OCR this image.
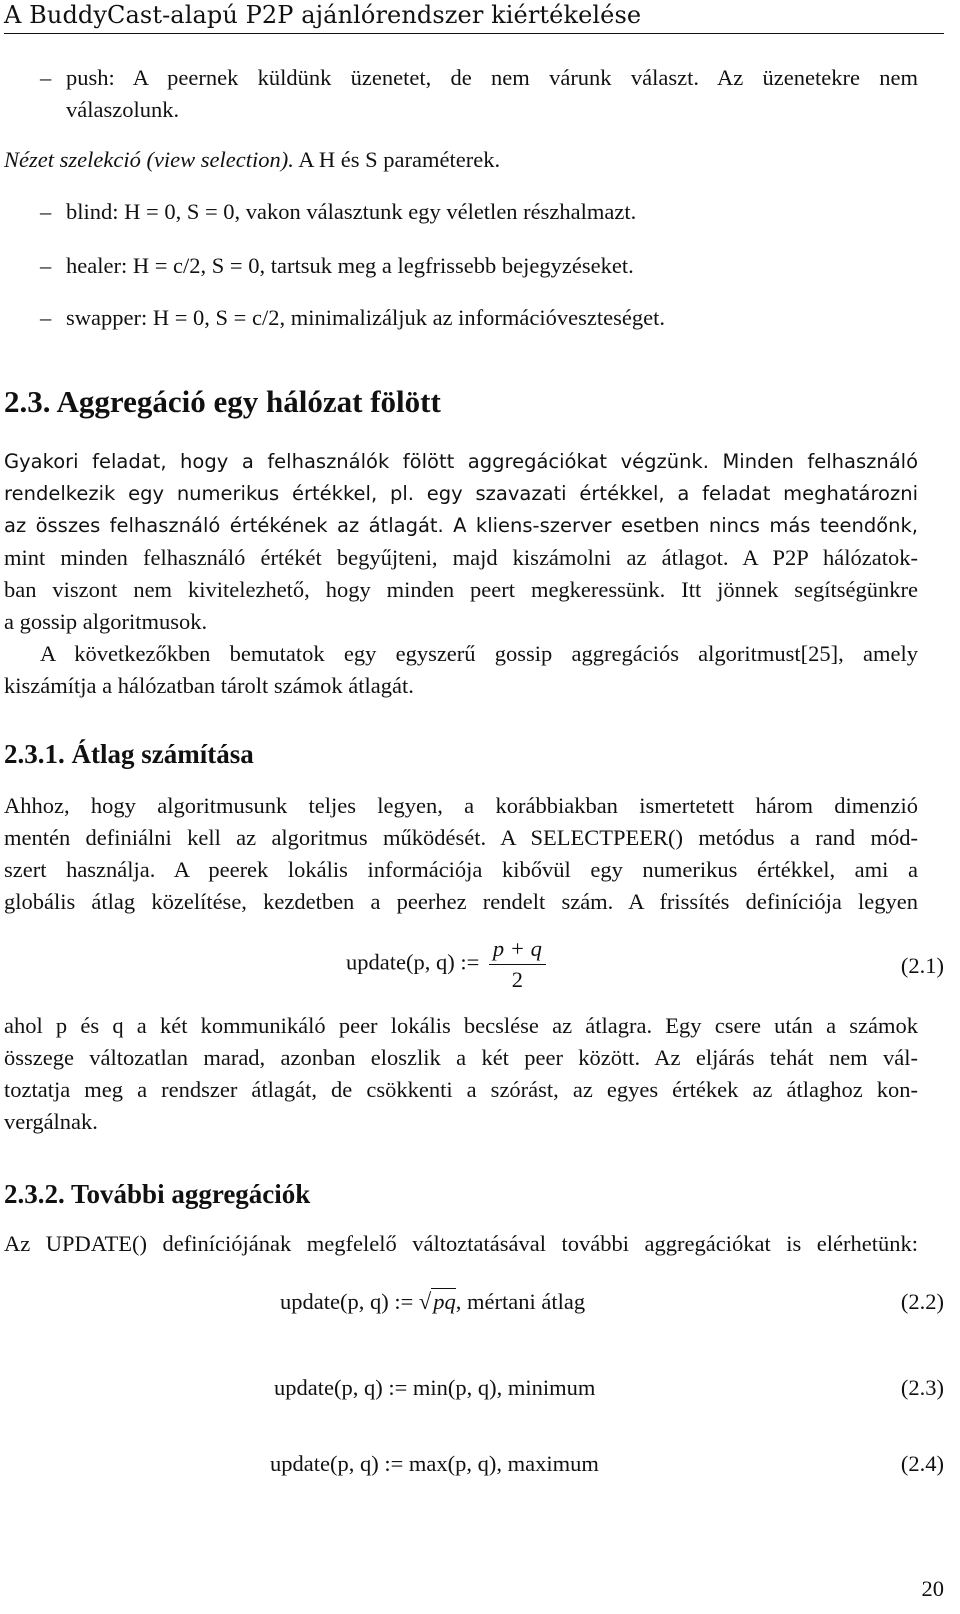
A BuddyCast-alapú P2P ajánlórendszer kiértékelése
– push: A peernek küldünk üzenetet, de nem várunk választ. Az üzenetekre nem
válaszolunk.
Nézet szelekció (view selection). A H és S paraméterek.
– blind: H = 0, S = 0, vakon választunk egy véletlen részhalmazt.
– healer: H = c/2, S = 0, tartsuk meg a legfrissebb bejegyzéseket.
– swapper: H = 0, S = c/2, minimalizáljuk az információveszteséget.
2.3. Aggregáció egy hálózat fölött
Gyakori feladat, hogy a felhasználók fölött aggregációkat végzünk. Minden felhasználó
rendelkezik egy numerikus értékkel, pl. egy szavazati értékkel, a feladat meghatározni
az összes felhasználó értékének az átlagát. A kliens-szerver esetben nincs más teendőnk,
mint minden felhasználó értékét begyűjteni, majd kiszámolni az átlagot. A P2P hálózatok-
ban viszont nem kivitelezhető, hogy minden peert megkeressünk. Itt jönnek segítségünkre
a gossip algoritmusok.
A következőkben bemutatok egy egyszerű gossip aggregációs algoritmust[25], amely
kiszámítja a hálózatban tárolt számok átlagát.
2.3.1. Átlag számítása
Ahhoz, hogy algoritmusunk teljes legyen, a korábbiakban ismertetett három dimenzió
mentén definiálni kell az algoritmus működését. A SELECTPEER() metódus a rand mód-
szert használja. A peerek lokális információja kibővül egy numerikus értékkel, ami a
globális átlag közelítése, kezdetben a peerhez rendelt szám. A frissítés definíciója legyen
update(p, q) := $\frac{p + q}{2}$	(2.1)
ahol p és q a két kommunikáló peer lokális becslése az átlagra. Egy csere után a számok
összege változatlan marad, azonban eloszlik a két peer között. Az eljárás tehát nem vál-
toztatja meg a rendszer átlagát, de csökkenti a szórást, az egyes értékek az átlaghoz kon-
vergálnak.
2.3.2. További aggregációk
Az UPDATE() definíciójának megfelelő változtatásával további aggregációkat is elérhetünk:
update(p, q) := √pq, mértani átlag	(2.2)
update(p, q) := min(p, q), minimum	(2.3)
update(p, q) := max(p, q), maximum	(2.4)
20
